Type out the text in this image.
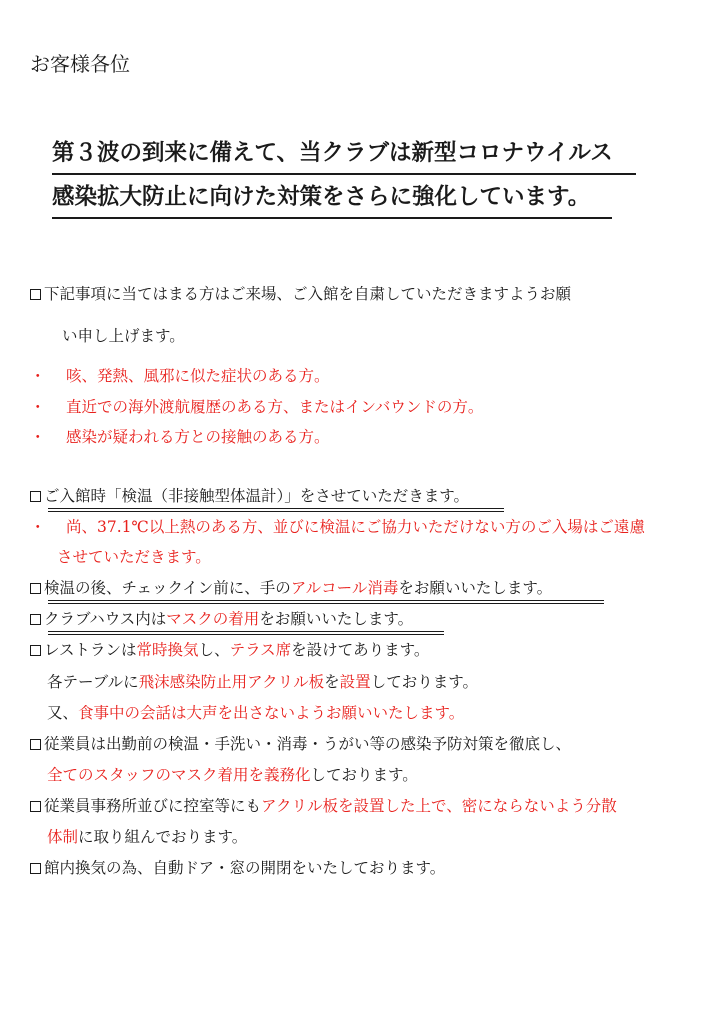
お客様各位
第３波の到来に備えて、当クラブは新型コロナウイルス
感染拡大防止に向けた対策をさらに強化しています。
下記事項に当てはまる方はご来場、ご入館を自粛していただきますようお願
い申し上げます。
・ 咳、発熱、風邪に似た症状のある方。
・ 直近での海外渡航履歴のある方、またはインバウンドの方。
・ 感染が疑われる方との接触のある方。
ご入館時「検温（非接触型体温計）」をさせていただきます。
・ 尚、37.1℃以上熱のある方、並びに検温にご協力いただけない方のご入場はご遠慮
させていただきます。
検温の後、チェックイン前に、手のアルコール消毒をお願いいたします。
クラブハウス内はマスクの着用をお願いいたします。
レストランは常時換気し、テラス席を設けてあります。
各テーブルに飛沫感染防止用アクリル板を設置しております。
又、食事中の会話は大声を出さないようお願いいたします。
従業員は出勤前の検温・手洗い・消毒・うがい等の感染予防対策を徹底し、
全てのスタッフのマスク着用を義務化しております。
従業員事務所並びに控室等にもアクリル板を設置した上で、密にならないよう分散
体制に取り組んでおります。
館内換気の為、自動ドア・窓の開閉をいたしております。
